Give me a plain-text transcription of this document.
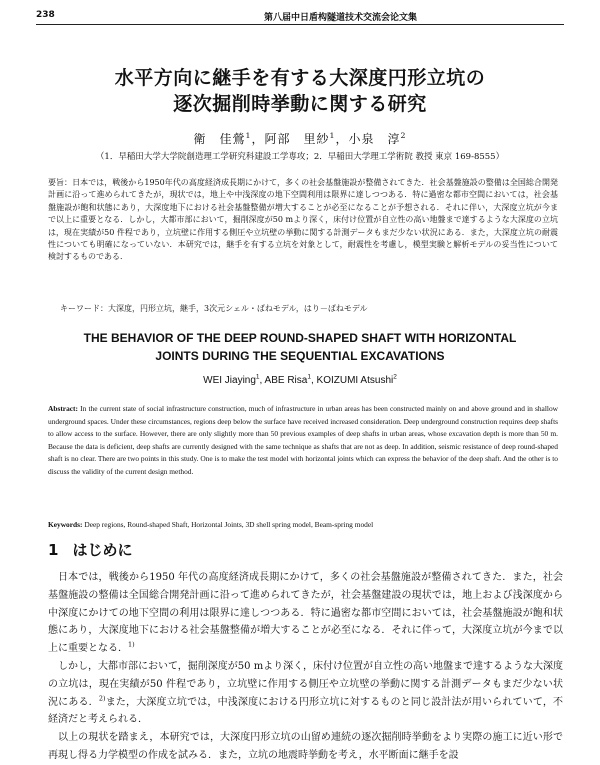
238	第八届中日盾构隧道技术交流会论文集
水平方向に継手を有する大深度円形立坑の
逐次掘削時挙動に関する研究
衛　佳鶯$^1$，阿部　里紗$^1$，小泉　淳$^2$
（1．早稲田大学大学院創造理工学研究科建設工学専攻；2．早稲田大学理工学術院 教授 東京 169-8555）
要旨：日本では，戦後から1950年代の高度経済成長期にかけて，多くの社会基盤施設が整備されてきた．社会基盤施設の整備は全国総合開発計画に沿って進められてきたが，現状では，地上や中浅深度の地下空間利用は限界に達しつつある．特に過密な都市空間においては，社会基盤施設が飽和状態にあり，大深度地下における社会基盤整備が増大することが必至になることが予想される．それに伴い，大深度立坑が今まで以上に重要となる．しかし，大都市部において，掘削深度が50 mより深く，床付け位置が自立性の高い地盤まで達するような大深度の立坑は，現在実績が50 件程であり，立坑壁に作用する側圧や立坑壁の挙動に関する計測データもまだ少ない状況にある．また，大深度立坑の耐震性についても明確になっていない．本研究では，継手を有する立坑を対象として，耐震性を考慮し，模型実験と解析モデルの妥当性について検討するものである．
キーワード：大深度，円形立坑，継手，3次元シェル・ばねモデル，はり－ばねモデル
THE BEHAVIOR OF THE DEEP ROUND-SHAPED SHAFT WITH HORIZONTAL
JOINTS DURING THE SEQUENTIAL EXCAVATIONS
WEI Jiaying$^1$, ABE Risa$^1$, KOIZUMI Atsushi$^2$
Abstract: In the current state of social infrastructure construction, much of infrastructure in urban areas has been constructed mainly on and above ground and in shallow underground spaces. Under these circumstances, regions deep below the surface have received increased consideration. Deep underground construction requires deep shafts to allow access to the surface. However, there are only slightly more than 50 previous examples of deep shafts in urban areas, whose excavation depth is more than 50 m. Because the data is deficient, deep shafts are currently designed with the same technique as shafts that are not as deep. In addition, seismic resistance of deep round-shaped shaft is no clear. There are two points in this study. One is to make the test model with horizontal joints which can express the behavior of the deep shaft. And the other is to discuss the validity of the current design method.
Keywords: Deep regions, Round-shaped Shaft, Horizontal Joints, 3D shell spring model, Beam-spring model
1 はじめに

日本では，戦後から1950 年代の高度経済成長期にかけて，多くの社会基盤施設が整備されてきた．また，社会基盤施設の整備は全国総合開発計画に沿って進められてきたが，社会基盤建設の現状では，地上および浅深度から中深度にかけての地下空間の利用は限界に達しつつある．特に過密な都市空間においては，社会基盤施設が飽和状態にあり，大深度地下における社会基盤整備が増大することが必至になる．それに伴って，大深度立坑が今まで以上に重要となる．$^{1)}$

しかし，大都市部において，掘削深度が50 mより深く，床付け位置が自立性の高い地盤まで達するような大深度の立坑は，現在実績が50 件程であり，立坑壁に作用する側圧や立坑壁の挙動に関する計測データもまだ少ない状況にある．$^{2)}$また，大深度立坑では，中浅深度における円形立坑に対するものと同じ設計法が用いられていて，不経済だと考えられる．

以上の現状を踏まえ，本研究では，大深度円形立坑の山留め連続の逐次掘削時挙動をより実際の施工に近い形で再現し得る力学模型の作成を試みる．また，立坑の地震時挙動を考え，水平断面に継手を設
